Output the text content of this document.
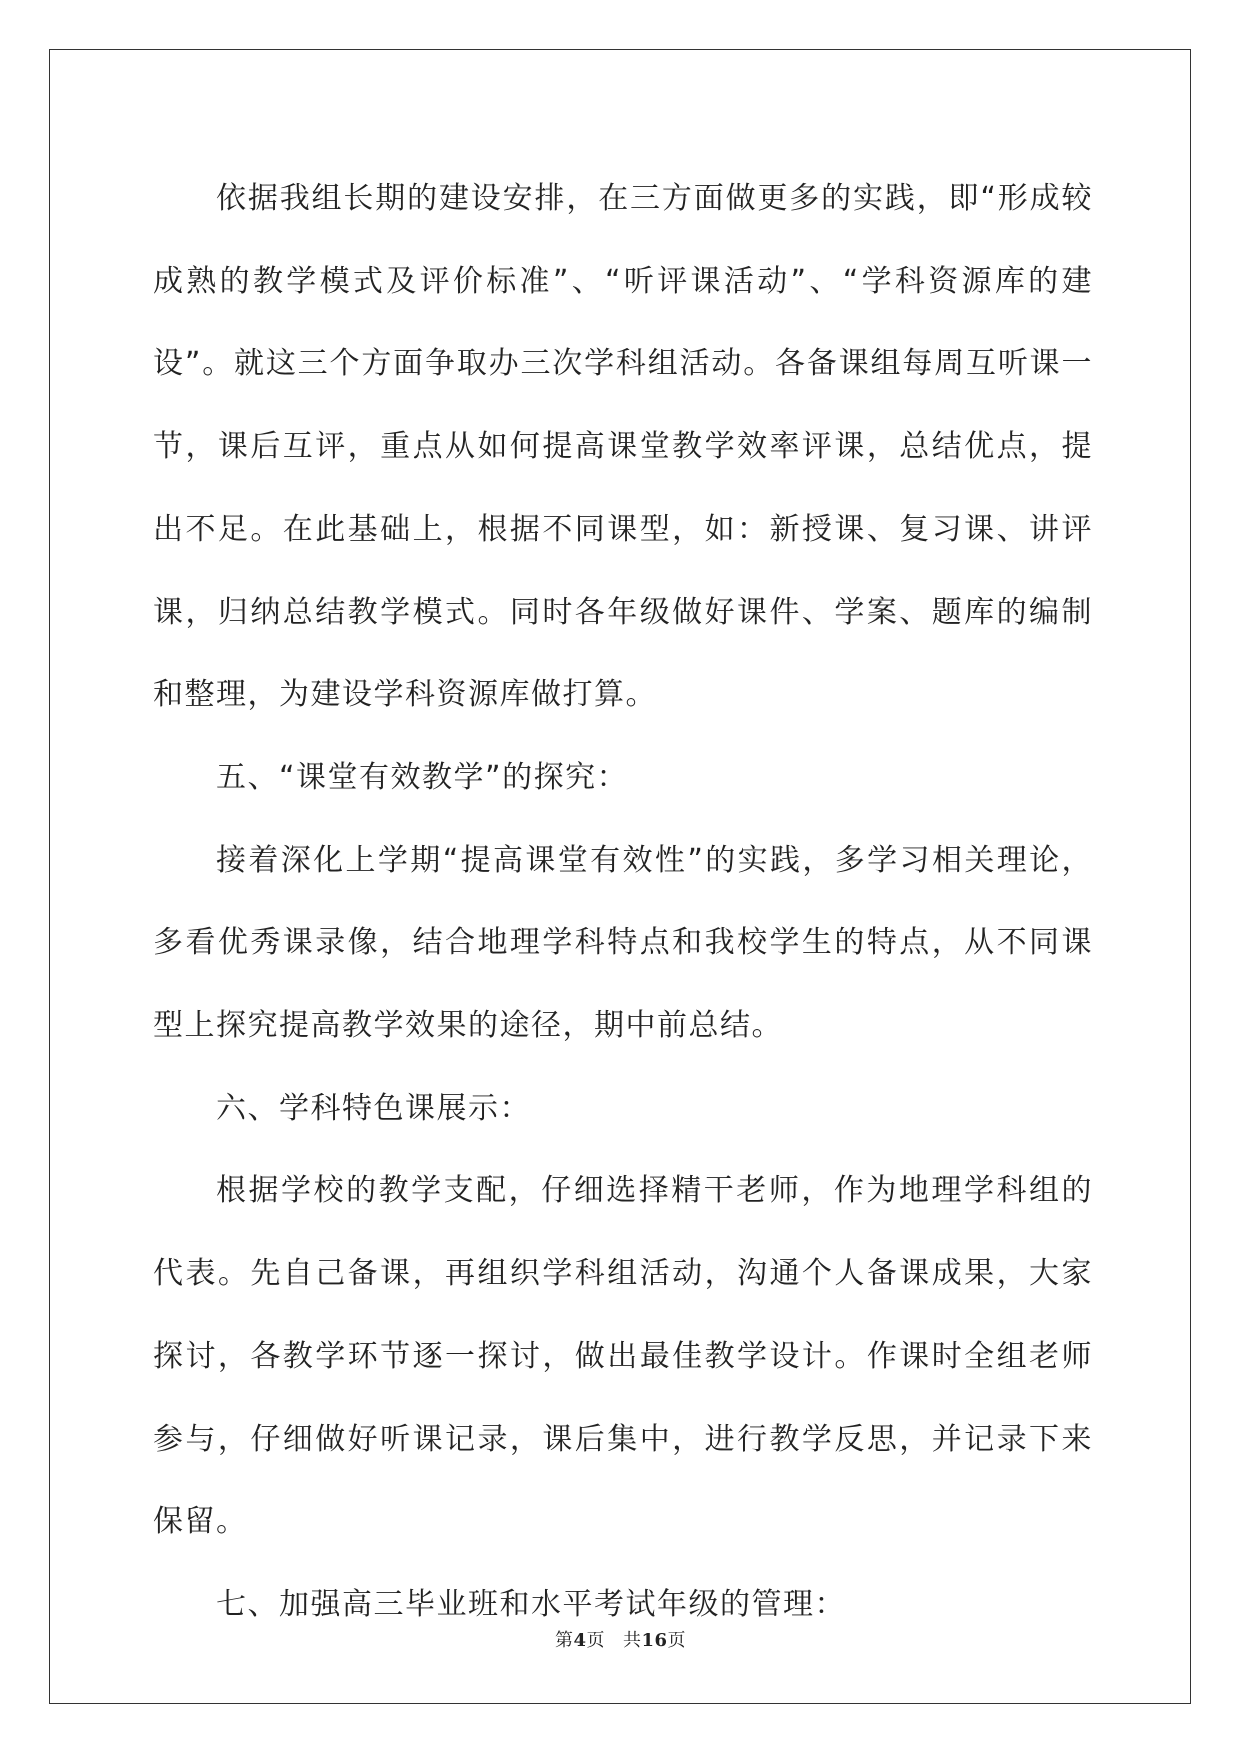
依据我组长期的建设安排，在三方面做更多的实践，即“形成较成熟的教学模式及评价标准”、“听评课活动”、“学科资源库的建设”。就这三个方面争取办三次学科组活动。各备课组每周互听课一节，课后互评，重点从如何提高课堂教学效率评课，总结优点，提出不足。在此基础上，根据不同课型，如：新授课、复习课、讲评课，归纳总结教学模式。同时各年级做好课件、学案、题库的编制和整理，为建设学科资源库做打算。

五、“课堂有效教学”的探究：

接着深化上学期“提高课堂有效性”的实践，多学习相关理论，多看优秀课录像，结合地理学科特点和我校学生的特点，从不同课型上探究提高教学效果的途径，期中前总结。

六、学科特色课展示：

根据学校的教学支配，仔细选择精干老师，作为地理学科组的代表。先自己备课，再组织学科组活动，沟通个人备课成果，大家探讨，各教学环节逐一探讨，做出最佳教学设计。作课时全组老师参与，仔细做好听课记录，课后集中，进行教学反思，并记录下来保留。

七、加强高三毕业班和水平考试年级的管理：

第4页 共16页
